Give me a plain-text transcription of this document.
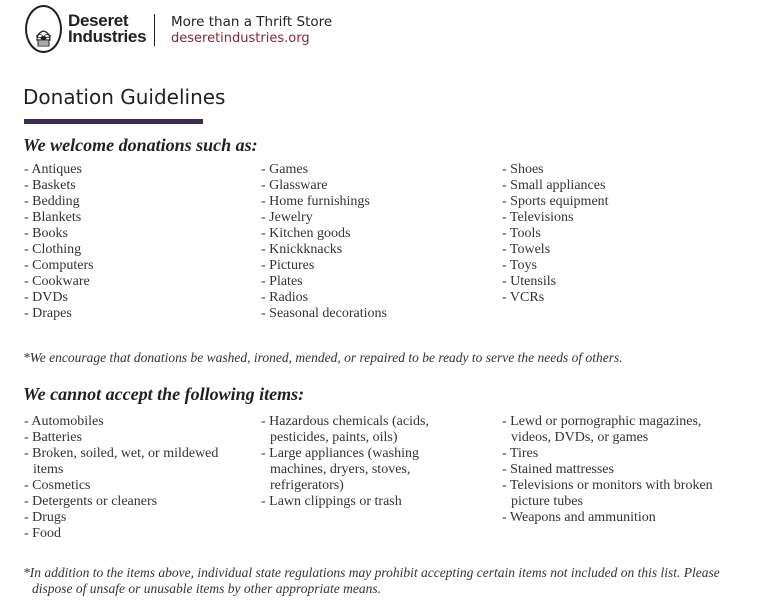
Deseret
Industries
More than a Thrift Store
deseretindustries.org
Donation Guidelines
We welcome donations such as:
- Antiques
- Baskets
- Bedding
- Blankets
- Books
- Clothing
- Computers
- Cookware
- DVDs
- Drapes
- Games
- Glassware
- Home furnishings
- Jewelry
- Kitchen goods
- Knickknacks
- Pictures
- Plates
- Radios
- Seasonal decorations
- Shoes
- Small appliances
- Sports equipment
- Televisions
- Tools
- Towels
- Toys
- Utensils
- VCRs

*We encourage that donations be washed, ironed, mended, or repaired to be ready to serve the needs of others.

We cannot accept the following items:
- Automobiles
- Batteries
- Broken, soiled, wet, or mildewed items
- Cosmetics
- Detergents or cleaners
- Drugs
- Food
- Hazardous chemicals (acids, pesticides, paints, oils)
- Large appliances (washing machines, dryers, stoves, refrigerators)
- Lawn clippings or trash
- Lewd or pornographic magazines, videos, DVDs, or games
- Tires
- Stained mattresses
- Televisions or monitors with broken picture tubes
- Weapons and ammunition

*In addition to the items above, individual state regulations may prohibit accepting certain items not included on this list. Please dispose of unsafe or unusable items by other appropriate means.
